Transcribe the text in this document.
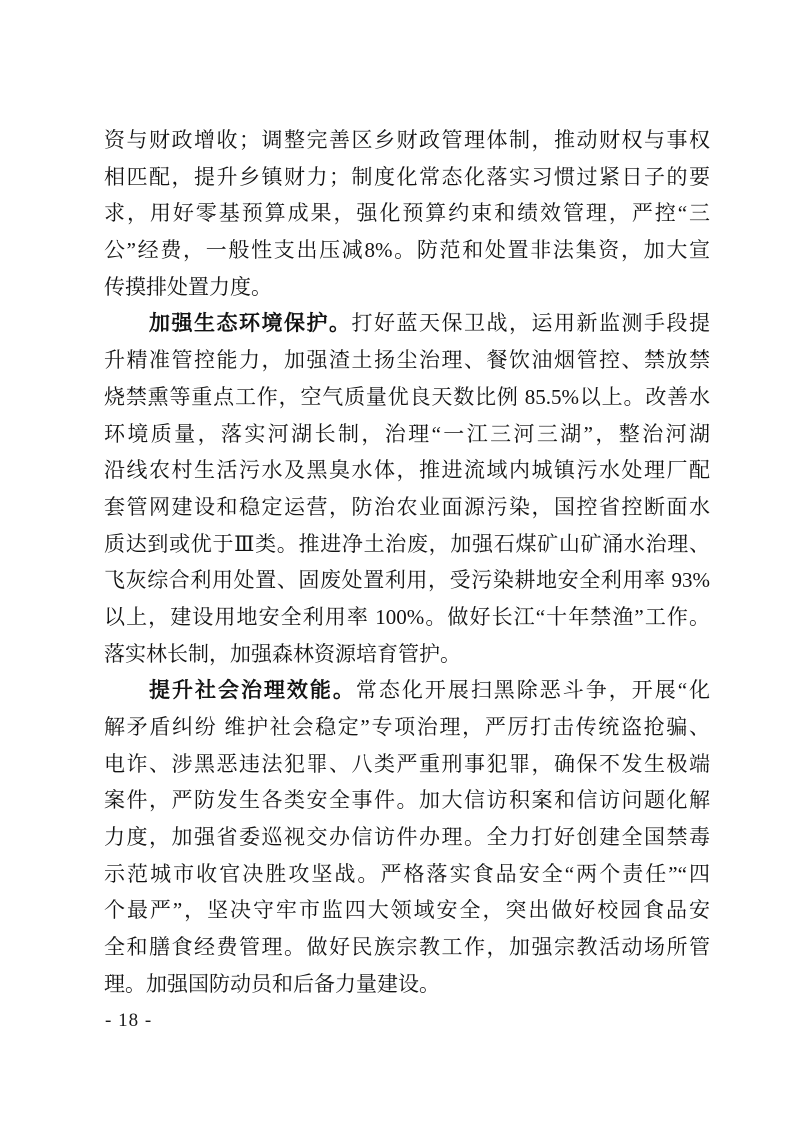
资与财政增收；调整完善区乡财政管理体制，推动财权与事权
相匹配，提升乡镇财力；制度化常态化落实习惯过紧日子的要
求，用好零基预算成果，强化预算约束和绩效管理，严控“三
公”经费，一般性支出压减8%。防范和处置非法集资，加大宣
传摸排处置力度。
加强生态环境保护。打好蓝天保卫战，运用新监测手段提
升精准管控能力，加强渣土扬尘治理、餐饮油烟管控、禁放禁
烧禁熏等重点工作，空气质量优良天数比例 85.5%以上。改善水
环境质量，落实河湖长制，治理“一江三河三湖”，整治河湖
沿线农村生活污水及黑臭水体，推进流域内城镇污水处理厂配
套管网建设和稳定运营，防治农业面源污染，国控省控断面水
质达到或优于Ⅲ类。推进净土治废，加强石煤矿山矿涌水治理、
飞灰综合利用处置、固废处置利用，受污染耕地安全利用率 93%
以上，建设用地安全利用率 100%。做好长江“十年禁渔”工作。
落实林长制，加强森林资源培育管护。
提升社会治理效能。常态化开展扫黑除恶斗争，开展“化
解矛盾纠纷 维护社会稳定”专项治理，严厉打击传统盗抢骗、
电诈、涉黑恶违法犯罪、八类严重刑事犯罪，确保不发生极端
案件，严防发生各类安全事件。加大信访积案和信访问题化解
力度，加强省委巡视交办信访件办理。全力打好创建全国禁毒
示范城市收官决胜攻坚战。严格落实食品安全“两个责任”“四
个最严”，坚决守牢市监四大领域安全，突出做好校园食品安
全和膳食经费管理。做好民族宗教工作，加强宗教活动场所管
理。加强国防动员和后备力量建设。
- 18 -
